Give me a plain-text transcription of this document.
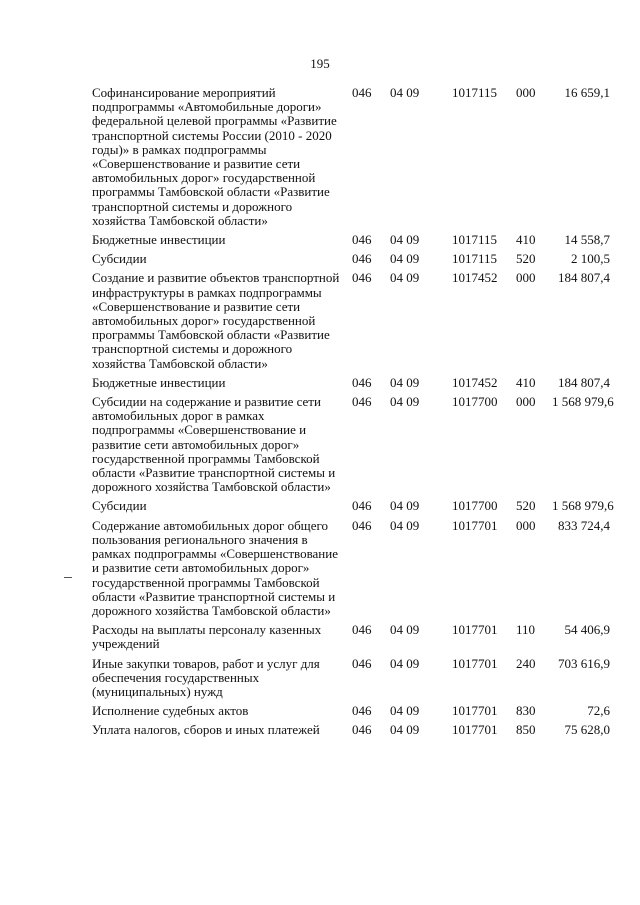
195
Софинансирование мероприятий подпрограммы «Автомобильные дороги» федеральной целевой программы «Развитие транспортной системы России (2010 - 2020 годы)» в рамках подпрограммы «Совершенствование и развитие сети автомобильных дорог» государственной программы Тамбовской области «Развитие транспортной системы и дорожного хозяйства Тамбовской области»	046	04 09	1017115	000	16 659,1
Бюджетные инвестиции	046	04 09	1017115	410	14 558,7
Субсидии	046	04 09	1017115	520	2 100,5
Создание и развитие объектов транспортной инфраструктуры в рамках подпрограммы «Совершенствование и развитие сети автомобильных дорог» государственной программы Тамбовской области «Развитие транспортной системы и дорожного хозяйства Тамбовской области»	046	04 09	1017452	000	184 807,4
Бюджетные инвестиции	046	04 09	1017452	410	184 807,4
Субсидии на содержание и развитие сети автомобильных дорог в рамках подпрограммы «Совершенствование и развитие сети автомобильных дорог» государственной программы Тамбовской области «Развитие транспортной системы и дорожного хозяйства Тамбовской области»	046	04 09	1017700	000	1 568 979,6
Субсидии	046	04 09	1017700	520	1 568 979,6
Содержание автомобильных дорог общего пользования регионального значения в рамках подпрограммы «Совершенствование и развитие сети автомобильных дорог» государственной программы Тамбовской области «Развитие транспортной системы и дорожного хозяйства Тамбовской области»	046	04 09	1017701	000	833 724,4
Расходы на выплаты персоналу казенных учреждений	046	04 09	1017701	110	54 406,9
Иные закупки товаров, работ и услуг для обеспечения государственных (муниципальных) нужд	046	04 09	1017701	240	703 616,9
Исполнение судебных актов	046	04 09	1017701	830	72,6
Уплата налогов, сборов и иных платежей	046	04 09	1017701	850	75 628,0
